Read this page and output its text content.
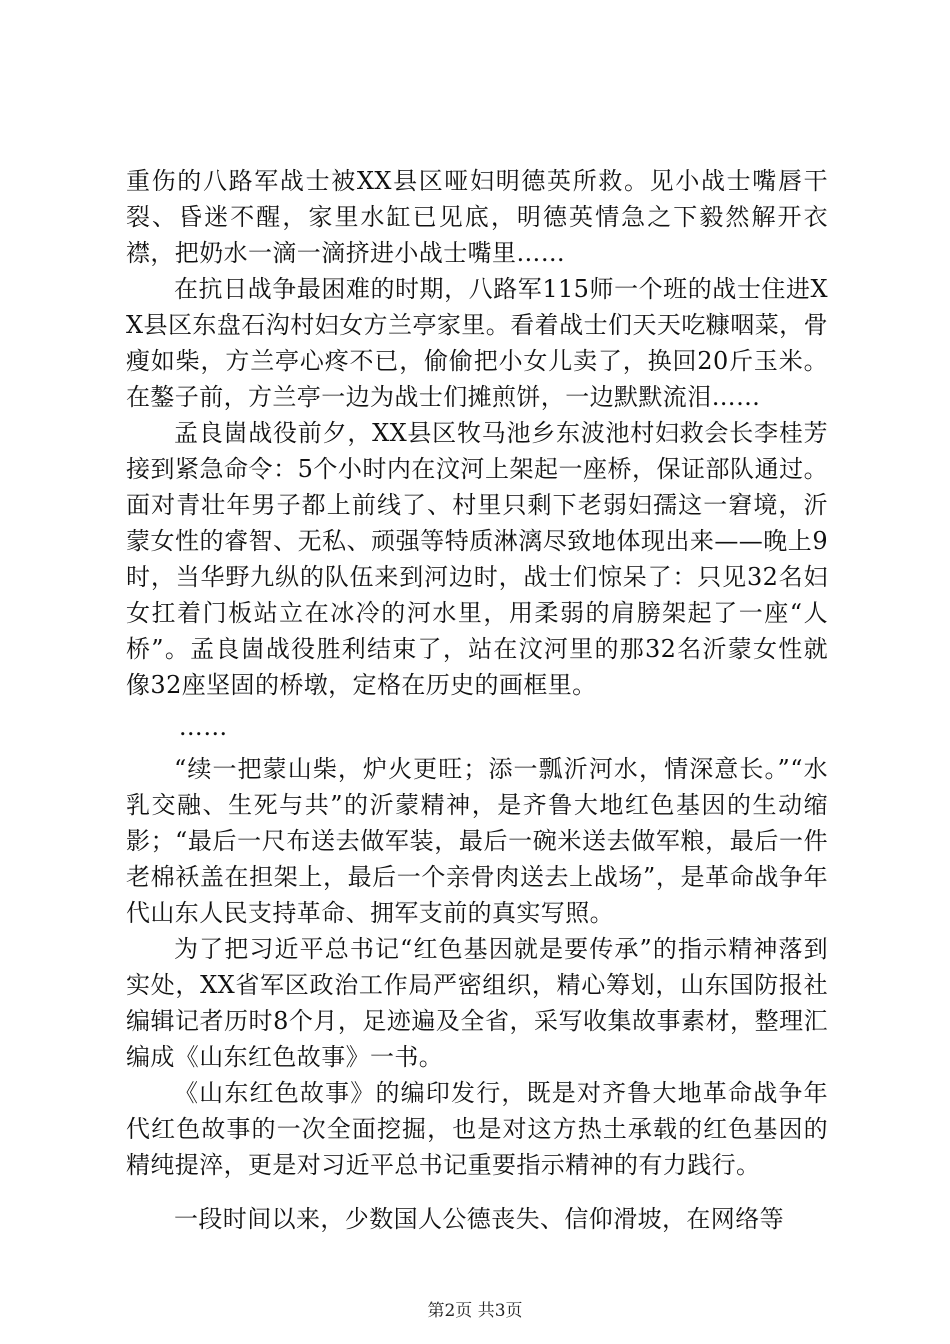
重伤的八路军战士被XX县区哑妇明德英所救。见小战士嘴唇干裂、昏迷不醒，家里水缸已见底，明德英情急之下毅然解开衣襟，把奶水一滴一滴挤进小战士嘴里……

在抗日战争最困难的时期，八路军115师一个班的战士住进XX县区东盘石沟村妇女方兰亭家里。看着战士们天天吃糠咽菜，骨瘦如柴，方兰亭心疼不已，偷偷把小女儿卖了，换回20斤玉米。在鏊子前，方兰亭一边为战士们摊煎饼，一边默默流泪……

孟良崮战役前夕，XX县区牧马池乡东波池村妇救会长李桂芳接到紧急命令：5个小时内在汶河上架起一座桥，保证部队通过。面对青壮年男子都上前线了、村里只剩下老弱妇孺这一窘境，沂蒙女性的睿智、无私、顽强等特质淋漓尽致地体现出来——晚上9时，当华野九纵的队伍来到河边时，战士们惊呆了：只见32名妇女扛着门板站立在冰冷的河水里，用柔弱的肩膀架起了一座“人桥”。孟良崮战役胜利结束了，站在汶河里的那32名沂蒙女性就像32座坚固的桥墩，定格在历史的画框里。

……

“续一把蒙山柴，炉火更旺；添一瓢沂河水，情深意长。”“水乳交融、生死与共”的沂蒙精神，是齐鲁大地红色基因的生动缩影；“最后一尺布送去做军装，最后一碗米送去做军粮，最后一件老棉袄盖在担架上，最后一个亲骨肉送去上战场”，是革命战争年代山东人民支持革命、拥军支前的真实写照。

为了把习近平总书记“红色基因就是要传承”的指示精神落到实处，XX省军区政治工作局严密组织，精心筹划，山东国防报社编辑记者历时8个月，足迹遍及全省，采写收集故事素材，整理汇编成《山东红色故事》一书。

《山东红色故事》的编印发行，既是对齐鲁大地革命战争年代红色故事的一次全面挖掘，也是对这方热土承载的红色基因的精纯提淬，更是对习近平总书记重要指示精神的有力践行。

一段时间以来，少数国人公德丧失、信仰滑坡，在网络等

第2页 共3页
